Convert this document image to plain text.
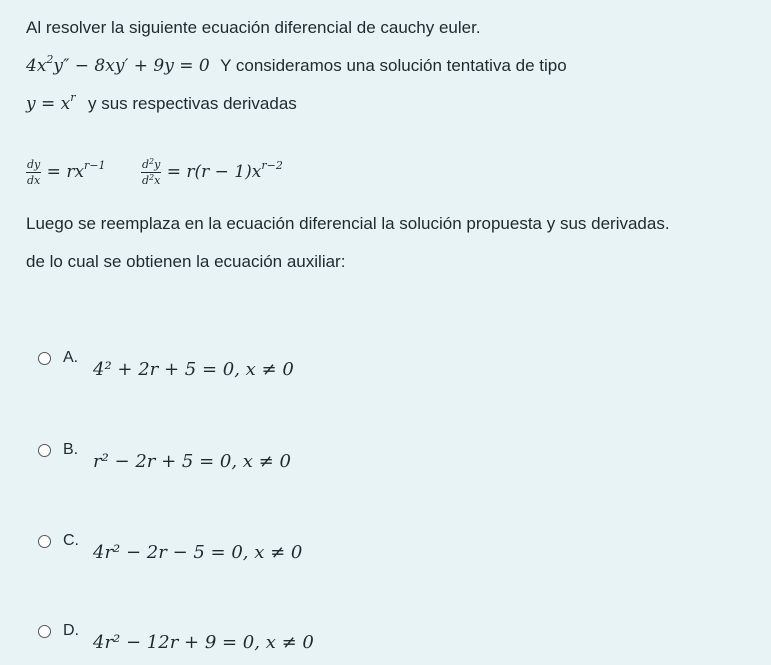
Al resolver la siguiente ecuación diferencial de cauchy euler.
$4x^2y'' - 8xy' + 9y = 0$ Y consideramos una solución tentativa de tipo
$y = x^r$ y sus respectivas derivadas
$\frac{dy}{dx} = rx^{r-1}$	$\frac{d^2y}{d^2x} = r(r - 1)x^{r-2}$
Luego se reemplaza en la ecuación diferencial la solución propuesta y sus derivadas.
de lo cual se obtienen la ecuación auxiliar:
A.
4² + 2r + 5 = 0, x ≠ 0
B.
r² − 2r + 5 = 0, x ≠ 0
C.
4r² − 2r − 5 = 0, x ≠ 0
D.
4r² − 12r + 9 = 0, x ≠ 0
